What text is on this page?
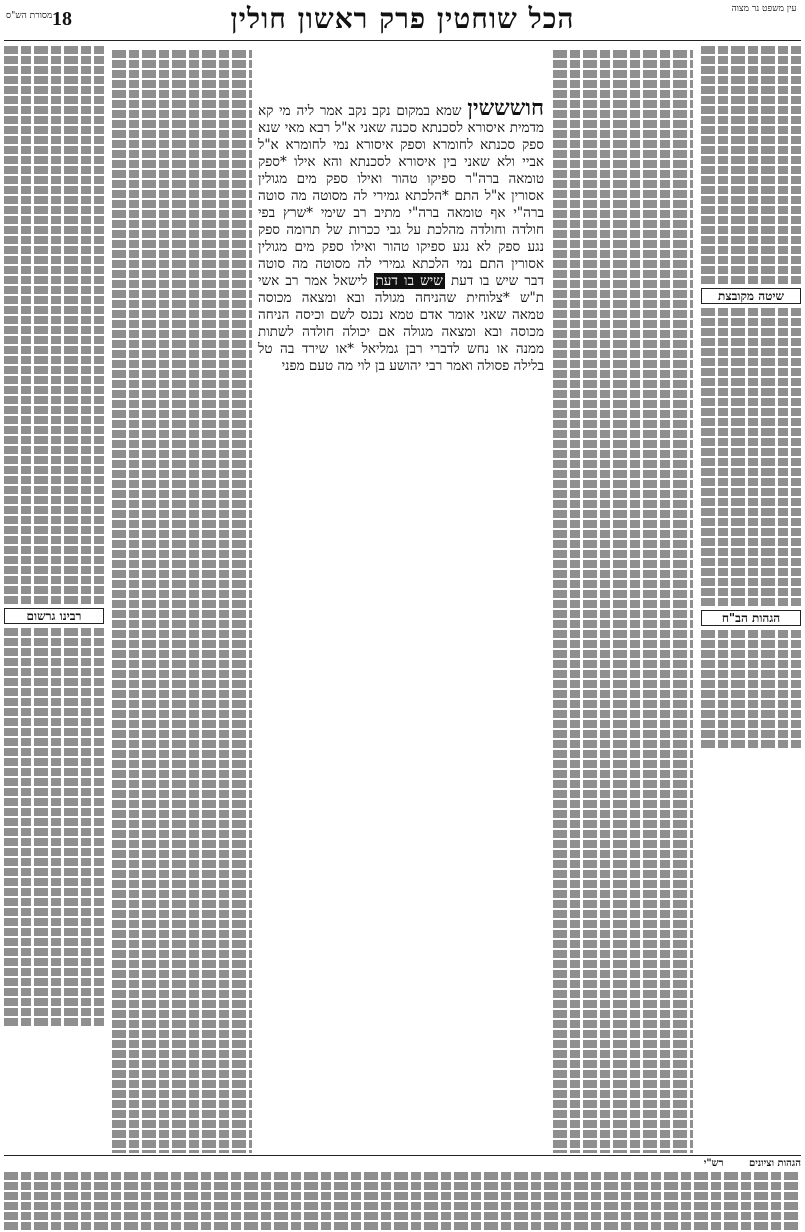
18	הכל שוחטין פרק ראשון חולין
מסורת הש"ס
עין משפט נר מצוה
שיטה מקובצת
הגהות הב"ח
רבינו גרשום
חושששין שמא במקום נקב נקב אמר ליה מי קא מדמית איסורא לסכנתא סכנה שאני א"ל רבא מאי שנא ספק סכנתא לחומרא וספק איסורא נמי לחומרא א"ל אביי ולא שאני בין איסורא לסכנתא והא אילו *ספק טומאה ברה"ר ספיקו טהור ואילו ספק מים מגולין אסורין א"ל התם *הלכתא גמירי לה מסוטה מה סוטה ברה"י אף טומאה ברה"י מתיב רב שימי *שרץ בפי חולדה וחולדה מהלכת על גבי ככרות של תרומה ספק נגע ספק לא נגע ספיקו טהור ואילו ספק מים מגולין אסורין התם נמי הלכתא גמירי לה מסוטה מה סוטה דבר שיש בו דעת שיש בו דעת לישאל אמר רב אשי ת"ש *צלוחית שהניחה מגולה ובא ומצאה מכוסה טמאה שאני אומר אדם טמא נכנס לשם וכיסה הניחה מכוסה ובא ומצאה מגולה אם יכולה חולדה לשתות ממנה או נחש לדברי רבן גמליאל *או שירד בה טל בלילה פסולה ואמר רבי יהושע בן לוי מה טעם מפני
הגהות וציונים  רש"י
